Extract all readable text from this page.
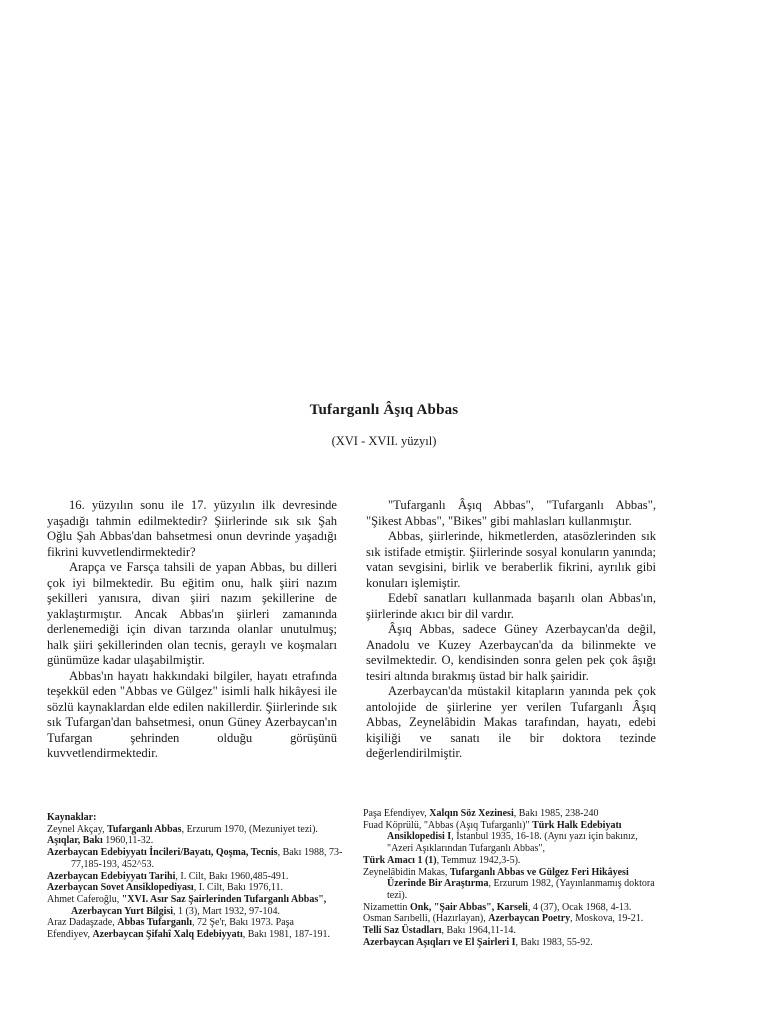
Tufarganlı Âşıq Abbas
(XVI - XVII. yüzyıl)

16. yüzyılın sonu ile 17. yüzyılın ilk devresinde yaşadığı tahmin edilmektedir? Şiirlerinde sık sık Şah Oğlu Şah Abbas'dan bahsetmesi onun devrinde yaşadığı fikrini kuvvetlendirmektedir?

Arapça ve Farsça tahsili de yapan Abbas, bu dilleri çok iyi bilmektedir. Bu eğitim onu, halk şiiri nazım şekilleri yanısıra, divan şiiri nazım şekillerine de yaklaştırmıştır. Ancak Abbas'ın şiirleri zamanında derlenemediği için divan tarzında olanlar unutulmuş; halk şiiri şekillerinden olan tecnis, geraylı ve koşmaları günümüze kadar ulaşabilmiştir.

Abbas'ın hayatı hakkındaki bilgiler, hayatı etrafında teşekkül eden "Abbas ve Gülgez" isimli halk hikâyesi ile sözlü kaynaklardan elde edilen nakillerdir. Şiirlerinde sık sık Tufargan'dan bahsetmesi, onun Güney Azerbaycan'ın Tufargan şehrinden olduğu görüşünü kuvvetlendirmektedir.

"Tufarganlı Âşıq Abbas", "Tufarganlı Abbas", "Şikest Abbas", "Bikes" gibi mahlasları kullanmıştır.

Abbas, şiirlerinde, hikmetlerden, atasözlerinden sık sık istifade etmiştir. Şiirlerinde sosyal konuların yanında; vatan sevgisini, birlik ve beraberlik fikrini, ayrılık gibi konuları işlemiştir.

Edebî sanatları kullanmada başarılı olan Abbas'ın, şiirlerinde akıcı bir dil vardır.

Âşıq Abbas, sadece Güney Azerbaycan'da değil, Anadolu ve Kuzey Azerbaycan'da da bilinmekte ve sevilmektedir. O, kendisinden sonra gelen pek çok âşığı tesiri altında bırakmış üstad bir halk şairidir.

Azerbaycan'da müstakil kitapların yanında pek çok antolojide de şiirlerine yer verilen Tufarganlı Âşıq Abbas, Zeynelâbidin Makas tarafından, hayatı, edebi kişiliği ve sanatı ile bir doktora tezinde değerlendirilmiştir.

Kaynaklar:
Zeynel Akçay, Tufarganlı Abbas, Erzurum 1970, (Mezuniyet tezi).
Aşıqlar, Bakı 1960,11-32.
Azerbaycan Edebiyyatı İncileri/Bayatı, Qoşma, Tecnis, Bakı 1988, 73-77,185-193, 452^53.
Azerbaycan Edebiyyatı Tarihi, I. Cilt, Bakı 1960,485-491.
Azerbaycan Sovet Ansiklopediyası, I. Cilt, Bakı 1976,11.
Ahmet Caferoğlu, "XVI. Asır Saz Şairlerinden Tufarganlı Abbas", Azerbaycan Yurt Bilgisi, 1 (3), Mart 1932, 97-104.
Araz Dadaşzade, Abbas Tufarganlı, 72 Şe'r, Bakı 1973. Paşa
Efendiyev, Azerbaycan Şifahî Xalq Edebiyyatı, Bakı 1981, 187-191.
Paşa Efendiyev, Xalqın Söz Xezinesi, Bakı 1985, 238-240
Fuad Köprülü, "Abbas (Aşıq Tufarganlı)" Türk Halk Edebiyatı Ansiklopedisi I, İstanbul 1935, 16-18. (Aynı yazı için bakınız, "Azeri Aşıklarından Tufarganlı Abbas",
Türk Amacı 1 (1), Temmuz 1942,3-5).
Zeynelâbidin Makas, Tufarganlı Abbas ve Gülgez Feri Hikâyesi Üzerinde Bir Araştırma, Erzurum 1982, (Yayınlanmamış doktora tezi).
Nizamettin Onk, "Şair Abbas", Karseli, 4 (37), Ocak 1968, 4-13.
Osman Sarıbelli, (Hazırlayan), Azerbaycan Poetry, Moskova, 19-21.
Telli Saz Üstadları, Bakı 1964,11-14.
Azerbaycan Aşıqları ve El Şairleri I, Bakı 1983, 55-92.
